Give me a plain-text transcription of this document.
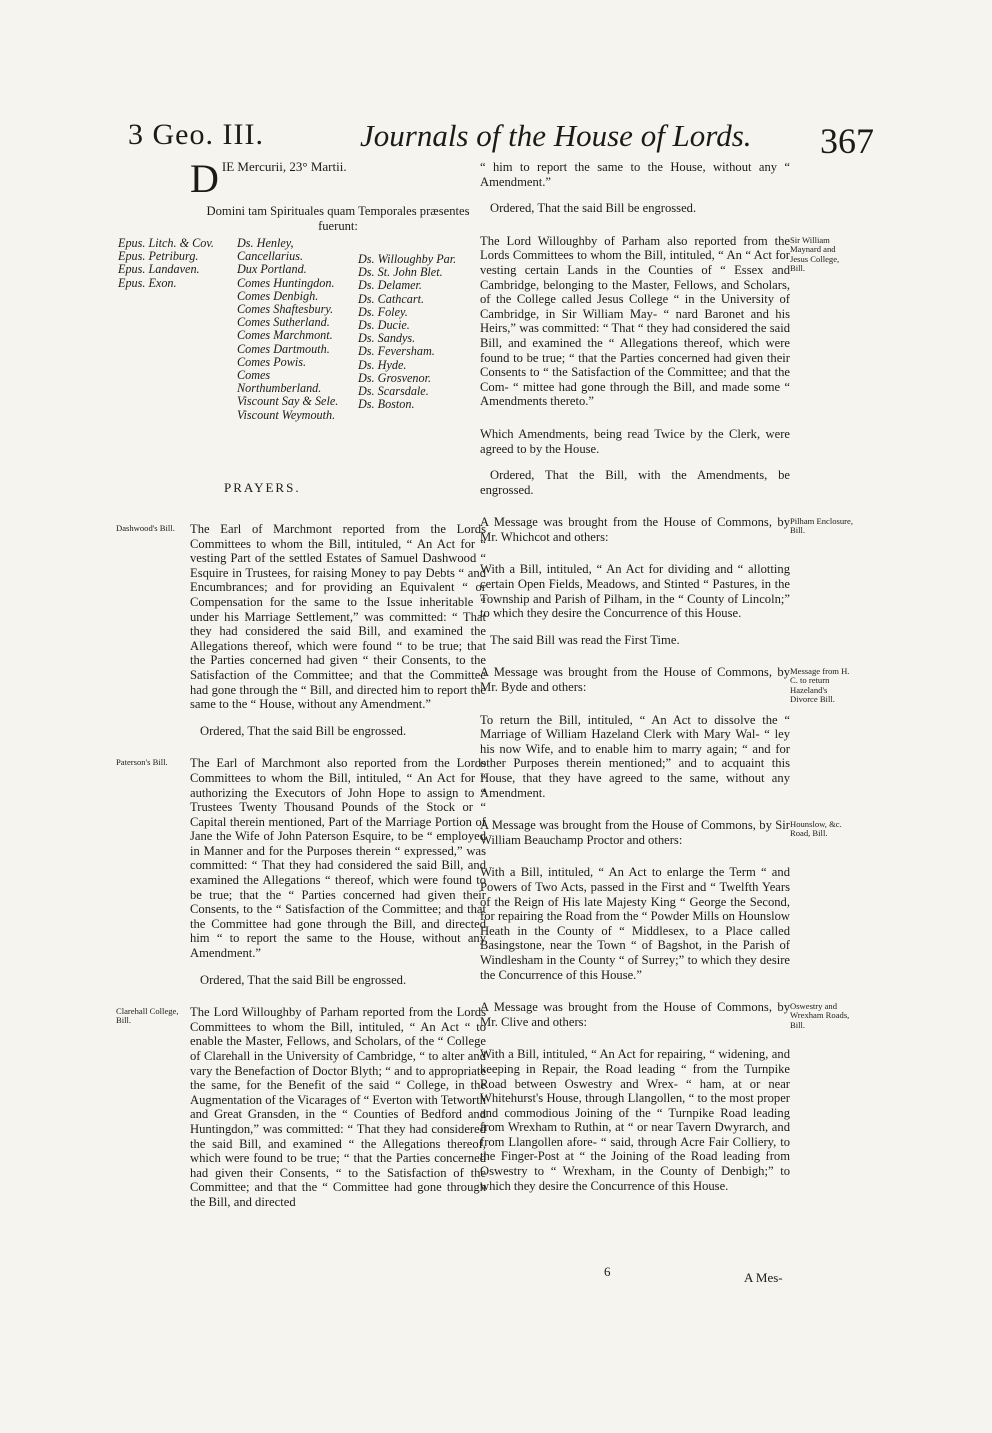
3 Geo. III.	Journals of the House of Lords. 367
D IE Mercurii, 23° Martii.
Domini tam Spirituales quam Temporales præsentes fuerunt:
Epus. Litch. & Cov.
Epus. Petriburg.
Epus. Landaven.
Epus. Exon.
Ds. Henley, Cancellarius.
Dux Portland.
Comes Huntingdon.
Comes Denbigh.
Comes Shaftesbury.
Comes Sutherland.
Comes Marchmont.
Comes Dartmouth.
Comes Powis.
Comes Northumberland.
Viscount Say & Sele.
Viscount Weymouth.
Ds. Willoughby Par.
Ds. St. John Blet.
Ds. Delamer.
Ds. Cathcart.
Ds. Foley.
Ds. Ducie.
Ds. Sandys.
Ds. Feversham.
Ds. Hyde.
Ds. Grosvenor.
Ds. Scarsdale.
Ds. Boston.
PRAYERS.

The Earl of Marchmont reported from the Lords Committees to whom the Bill, intituled, “ An Act for “ vesting Part of the settled Estates of Samuel Dashwood “ Esquire in Trustees, for raising Money to pay Debts “ and Encumbrances; and for providing an Equivalent “ or Compensation for the same to the Issue inheritable “ under his Marriage Settlement,” was committed: “ That they had considered the said Bill, and examined the Allegations thereof, which were found “ to be true; that the Parties concerned had given “ their Consents, to the Satisfaction of the Committee; and that the Committee had gone through the “ Bill, and directed him to report the same to the “ House, without any Amendment.”

Ordered, That the said Bill be engrossed.

The Earl of Marchmont also reported from the Lords Committees to whom the Bill, intituled, “ An Act for “ authorizing the Executors of John Hope to assign to “ Trustees Twenty Thousand Pounds of the Stock or “ Capital therein mentioned, Part of the Marriage Portion of Jane the Wife of John Paterson Esquire, to be “ employed in Manner and for the Purposes therein “ expressed,” was committed: “ That they had considered the said Bill, and examined the Allegations “ thereof, which were found to be true; that the “ Parties concerned had given their Consents, to the “ Satisfaction of the Committee; and that the Committee had gone through the Bill, and directed him “ to report the same to the House, without any Amendment.”

Ordered, That the said Bill be engrossed.

The Lord Willoughby of Parham reported from the Lords Committees to whom the Bill, intituled, “ An Act “ to enable the Master, Fellows, and Scholars, of the “ College of Clarehall in the University of Cambridge, “ to alter and vary the Benefaction of Doctor Blyth; “ and to appropriate the same, for the Benefit of the said “ College, in the Augmentation of the Vicarages of “ Everton with Tetworth and Great Gransden, in the “ Counties of Bedford and Huntingdon,” was committed: “ That they had considered the said Bill, and examined “ the Allegations thereof, which were found to be true; “ that the Parties concerned had given their Consents, “ to the Satisfaction of the Committee; and that the “ Committee had gone through the Bill, and directed

“ him to report the same to the House, without any “ Amendment.”

Ordered, That the said Bill be engrossed.

The Lord Willoughby of Parham also reported from the Lords Committees to whom the Bill, intituled, “ An “ Act for vesting certain Lands in the Counties of “ Essex and Cambridge, belonging to the Master, Fellows, and Scholars, of the College called Jesus College “ in the University of Cambridge, in Sir William May- “ nard Baronet and his Heirs,” was committed: “ That “ they had considered the said Bill, and examined the “ Allegations thereof, which were found to be true; “ that the Parties concerned had given their Consents to “ the Satisfaction of the Committee; and that the Com- “ mittee had gone through the Bill, and made some “ Amendments thereto.”

Which Amendments, being read Twice by the Clerk, were agreed to by the House.

Ordered, That the Bill, with the Amendments, be engrossed.

A Message was brought from the House of Commons, by Mr. Whichcot and others:

With a Bill, intituled, “ An Act for dividing and “ allotting certain Open Fields, Meadows, and Stinted “ Pastures, in the Township and Parish of Pilham, in the “ County of Lincoln;” to which they desire the Concurrence of this House.

The said Bill was read the First Time.

A Message was brought from the House of Commons, by Mr. Byde and others:

To return the Bill, intituled, “ An Act to dissolve the “ Marriage of William Hazeland Clerk with Mary Wal- “ ley his now Wife, and to enable him to marry again; “ and for other Purposes therein mentioned;” and to acquaint this House, that they have agreed to the same, without any Amendment.

A Message was brought from the House of Commons, by Sir William Beauchamp Proctor and others:

With a Bill, intituled, “ An Act to enlarge the Term “ and Powers of Two Acts, passed in the First and “ Twelfth Years of the Reign of His late Majesty King “ George the Second, for repairing the Road from the “ Powder Mills on Hounslow Heath in the County of “ Middlesex, to a Place called Basingstone, near the Town “ of Bagshot, in the Parish of Windlesham in the County “ of Surrey;” to which they desire the Concurrence of this House.”

A Message was brought from the House of Commons, by Mr. Clive and others:

With a Bill, intituled, “ An Act for repairing, “ widening, and keeping in Repair, the Road leading “ from the Turnpike Road between Oswestry and Wrex- “ ham, at or near Whitehurst's House, through Llangollen, “ to the most proper and commodious Joining of the “ Turnpike Road leading from Wrexham to Ruthin, at “ or near Tavern Dwyrarch, and from Llangollen afore- “ said, through Acre Fair Colliery, to the Finger-Post at “ the Joining of the Road leading from Oswestry to “ Wrexham, in the County of Denbigh;” to which they desire the Concurrence of this House.

6	A Mes-
Dashwood's Bill.
Paterson's Bill.
Clarehall College, Bill.
Sir William Maynard and Jesus College, Bill.
Pilham Enclosure, Bill.
Message from H. C. to return Hazeland's Divorce Bill.
Hounslow, &c. Road, Bill.
Oswestry and Wrexham Roads, Bill.
